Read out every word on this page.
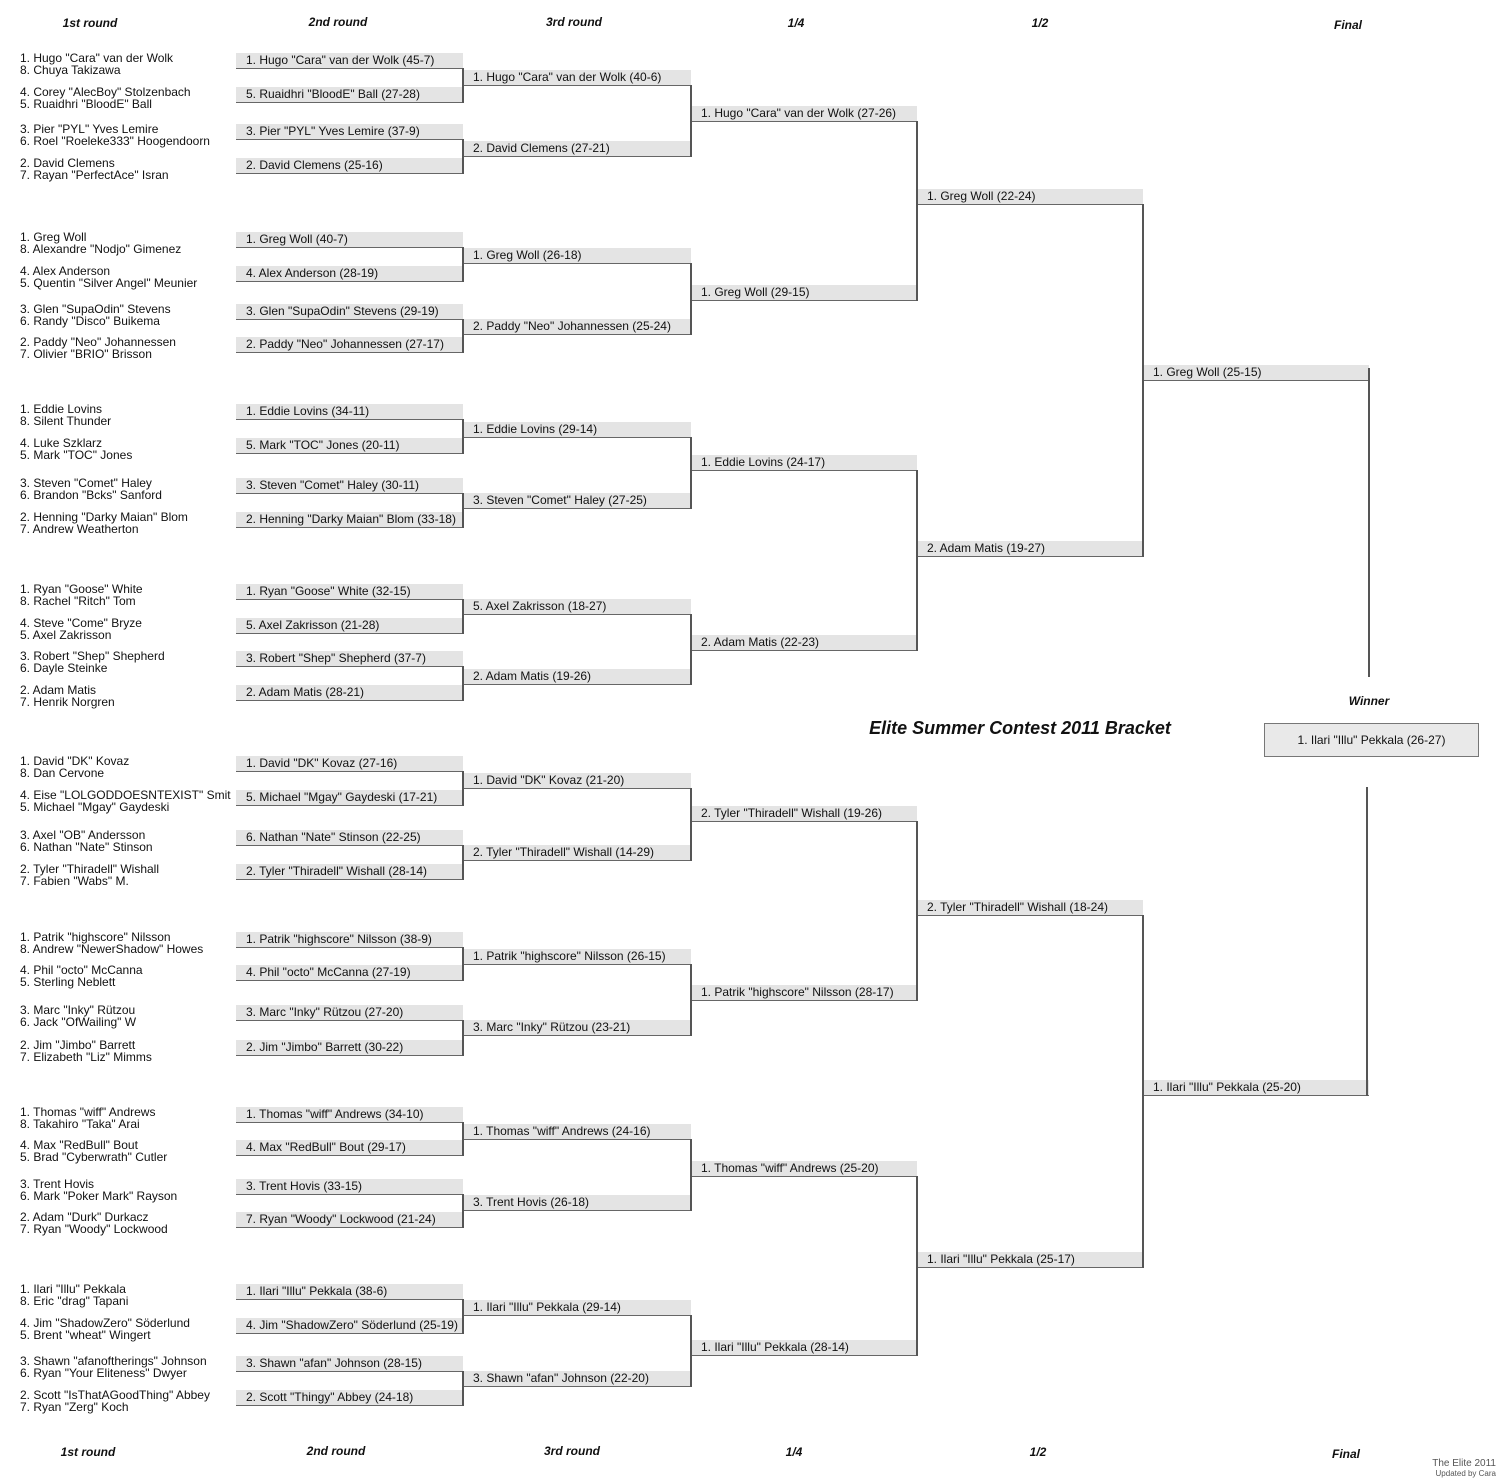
1st round	2nd round	3rd round	1/4	1/2	Final
1st round	2nd round	3rd round	1/4	1/2	Final
Winner
1. Hugo "Cara" van der Wolk
8. Chuya Takizawa
4. Corey "AlecBoy" Stolzenbach
5. Ruaidhri "BloodE" Ball
3. Pier "PYL" Yves Lemire
6. Roel "Roeleke333" Hoogendoorn
2. David Clemens
7. Rayan "PerfectAce" Isran
1. Greg Woll
8. Alexandre "Nodjo" Gimenez
4. Alex Anderson
5. Quentin "Silver Angel" Meunier
3. Glen "SupaOdin" Stevens
6. Randy "Disco" Buikema
2. Paddy "Neo" Johannessen
7. Olivier "BRIO" Brisson
1. Eddie Lovins
8. Silent Thunder
4. Luke Szklarz
5. Mark "TOC" Jones
3. Steven "Comet" Haley
6. Brandon "Bcks" Sanford
2. Henning "Darky Maian" Blom
7. Andrew Weatherton
1. Ryan "Goose" White
8. Rachel "Ritch" Tom
4. Steve "Come" Bryze
5. Axel Zakrisson
3. Robert "Shep" Shepherd
6. Dayle Steinke
2. Adam Matis
7. Henrik Norgren
1. David "DK" Kovaz
8. Dan Cervone
4. Eise "LOLGODDOESNTEXIST" Smit
5. Michael "Mgay" Gaydeski
3. Axel "OB" Andersson
6. Nathan "Nate" Stinson
2. Tyler "Thiradell" Wishall
7. Fabien "Wabs" M.
1. Patrik "highscore" Nilsson
8. Andrew "NewerShadow" Howes
4. Phil "octo" McCanna
5. Sterling Neblett
3. Marc "Inky" Rützou
6. Jack "OfWailing" W
2. Jim "Jimbo" Barrett
7. Elizabeth "Liz" Mimms
1. Thomas "wiff" Andrews
8. Takahiro "Taka" Arai
4. Max "RedBull" Bout
5. Brad "Cyberwrath" Cutler
3. Trent Hovis
6. Mark "Poker Mark" Rayson
2. Adam "Durk" Durkacz
7. Ryan "Woody" Lockwood
1. Ilari "Illu" Pekkala
8. Eric "drag" Tapani
4. Jim "ShadowZero" Söderlund
5. Brent "wheat" Wingert
3. Shawn "afanoftherings" Johnson
6. Ryan "Your Eliteness" Dwyer
2. Scott "IsThatAGoodThing" Abbey
7. Ryan "Zerg" Koch
1. Hugo "Cara" van der Wolk (45-7)
5. Ruaidhri "BloodE" Ball (27-28)
3. Pier "PYL" Yves Lemire (37-9)
2. David Clemens (25-16)
1. Greg Woll (40-7)
4. Alex Anderson (28-19)
3. Glen "SupaOdin" Stevens (29-19)
2. Paddy "Neo" Johannessen (27-17)
1. Eddie Lovins (34-11)
5. Mark "TOC" Jones (20-11)
3. Steven "Comet" Haley (30-11)
2. Henning "Darky Maian" Blom (33-18)
1. Ryan "Goose" White (32-15)
5. Axel Zakrisson (21-28)
3. Robert "Shep" Shepherd (37-7)
2. Adam Matis (28-21)
1. David "DK" Kovaz (27-16)
5. Michael "Mgay" Gaydeski (17-21)
6. Nathan "Nate" Stinson (22-25)
2. Tyler "Thiradell" Wishall (28-14)
1. Patrik "highscore" Nilsson (38-9)
4. Phil "octo" McCanna (27-19)
3. Marc "Inky" Rützou (27-20)
2. Jim "Jimbo" Barrett (30-22)
1. Thomas "wiff" Andrews (34-10)
4. Max "RedBull" Bout (29-17)
3. Trent Hovis (33-15)
7. Ryan "Woody" Lockwood (21-24)
1. Ilari "Illu" Pekkala (38-6)
4. Jim "ShadowZero" Söderlund (25-19)
3. Shawn "afan" Johnson (28-15)
2. Scott "Thingy" Abbey (24-18)
1. Hugo "Cara" van der Wolk (40-6)
2. David Clemens (27-21)
1. Greg Woll (26-18)
2. Paddy "Neo" Johannessen (25-24)
1. Eddie Lovins (29-14)
3. Steven "Comet" Haley (27-25)
5. Axel Zakrisson (18-27)
2. Adam Matis (19-26)
1. David "DK" Kovaz (21-20)
2. Tyler "Thiradell" Wishall (14-29)
1. Patrik "highscore" Nilsson (26-15)
3. Marc "Inky" Rützou (23-21)
1. Thomas "wiff" Andrews (24-16)
3. Trent Hovis (26-18)
1. Ilari "Illu" Pekkala (29-14)
3. Shawn "afan" Johnson (22-20)
1. Hugo "Cara" van der Wolk (27-26)
1. Greg Woll (29-15)
1. Eddie Lovins (24-17)
2. Adam Matis (22-23)
2. Tyler "Thiradell" Wishall (19-26)
1. Patrik "highscore" Nilsson (28-17)
1. Thomas "wiff" Andrews (25-20)
1. Ilari "Illu" Pekkala (28-14)
1. Greg Woll (22-24)
2. Adam Matis (19-27)
2. Tyler "Thiradell" Wishall (18-24)
1. Ilari "Illu" Pekkala (25-17)
1. Greg Woll (25-15)
1. Ilari "Illu" Pekkala (25-20)
Elite Summer Contest 2011 Bracket
1. Ilari "Illu" Pekkala (26-27)
The Elite 2011
Updated by Cara
